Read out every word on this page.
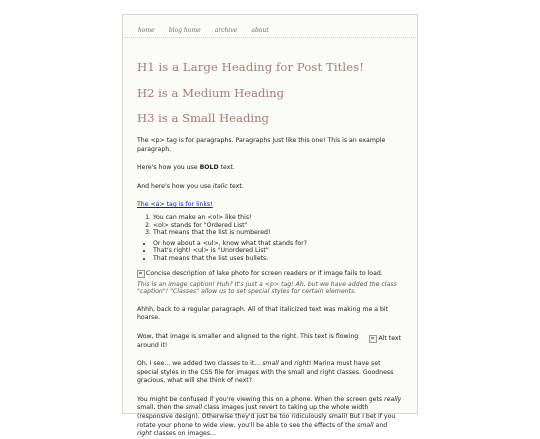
home blog home archive about
H1 is a Large Heading for Post Titles!
H2 is a Medium Heading
H3 is a Small Heading

The <p> tag is for paragraphs. Paragraphs just like this one! This is an example paragraph.

Here's how you use BOLD text.

And here's how you use italic text.

The <a> tag is for links!

1. You can make an <ol> like this!
2. <ol> stands for "Ordered List"
3. That means that the list is numbered!
• Or how about a <ul>, know what that stands for?
• That's right! <ul> is "Unordered List"
• That means that the list uses bullets.
Concise description of lake photo for screen readers or if image fails to load.

This is an image caption! Huh? It's just a <p> tag! Ah, but we have added the class "caption"! "Classes" allow us to set special styles for certain elements.

Ahhh, back to a regular paragraph. All of that italicized text was making me a bit hoarse.

Alt text

Wow, that image is smaller and aligned to the right. This text is flowing around it!

Oh, I see... we added two classes to it... small and right! Marina must have set special styles in the CSS file for images with the small and right classes. Goodness gracious, what will she think of next?

You might be confused if you're viewing this on a phone. When the screen gets really small, then the small class images just revert to taking up the whole width (responsive design). Otherwise they'd just be too ridiculously small! But I bet if you rotate your phone to wide view, you'll be able to see the effects of the small and right classes on images...
